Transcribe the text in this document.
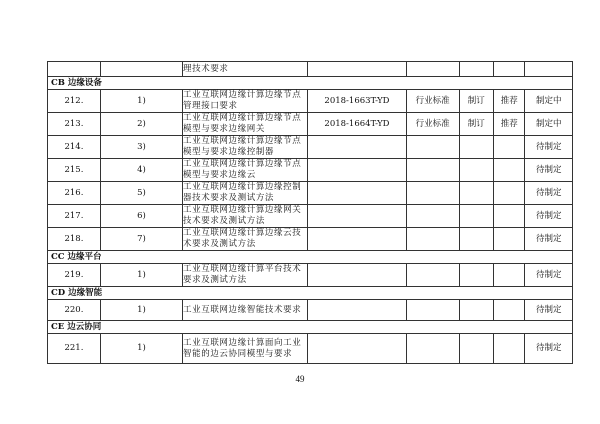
		理技术要求					
CB 边缘设备							
212.	1)	工业互联网边缘计算边缘节点管理接口要求	2018-1663T-YD	行业标准	制订	推荐	制定中
213.	2)	工业互联网边缘计算边缘节点模型与要求边缘网关	2018-1664T-YD	行业标准	制订	推荐	制定中
214.	3)	工业互联网边缘计算边缘节点模型与要求边缘控制器					待制定
215.	4)	工业互联网边缘计算边缘节点模型与要求边缘云					待制定
216.	5)	工业互联网边缘计算边缘控制器技术要求及测试方法					待制定
217.	6)	工业互联网边缘计算边缘网关技术要求及测试方法					待制定
218.	7)	工业互联网边缘计算边缘云技术要求及测试方法					待制定
CC 边缘平台							
219.	1)	工业互联网边缘计算平台技术要求及测试方法					待制定
CD 边缘智能							
220.	1)	工业互联网边缘智能技术要求					待制定
CE 边云协同							
221.	1)	工业互联网边缘计算面向工业智能的边云协同模型与要求					待制定
49
